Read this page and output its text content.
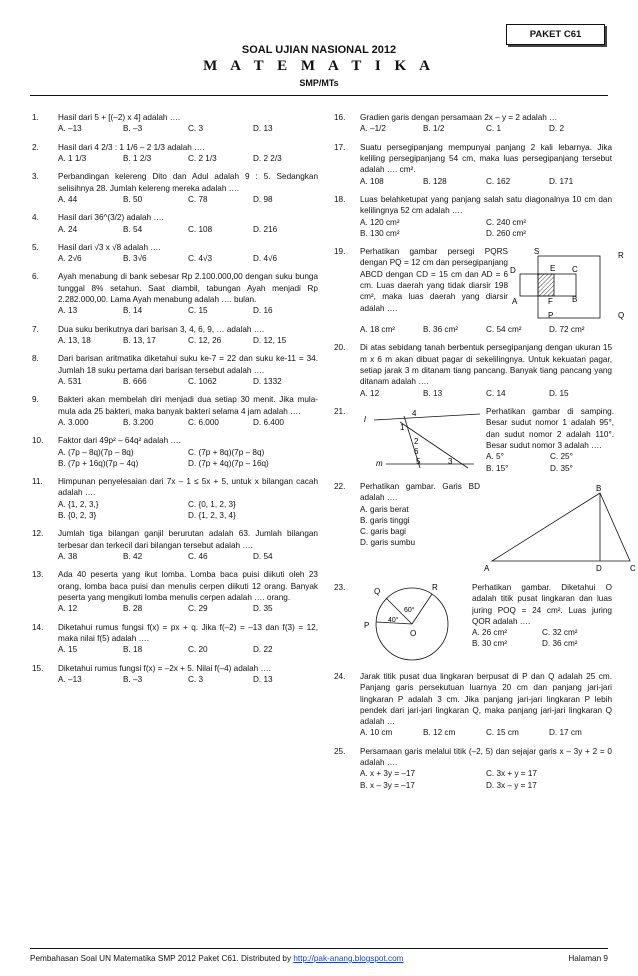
PAKET C61
SOAL UJIAN NASIONAL 2012
M A T E M A T I K A
SMP/MTs
1. Hasil dari 5 + [(–2) x 4] adalah ….
A. –13	B. –3	C. 3	D. 13
2. Hasil dari 4 2/3 : 1 1/6 – 2 1/3 adalah ….
A. 1 1/3	B. 1 2/3	C. 2 1/3	D. 2 2/3
3. Perbandingan kelereng Dito dan Adul adalah 9 : 5. Sedangkan selisihnya 28. Jumlah kelereng mereka adalah ….
A. 44	B. 50	C. 78	D. 98
4. Hasil dari 36^(3/2) adalah ….
A. 24	B. 54	C. 108	D. 216
5. Hasil dari √3 x √8 adalah ….
A. 2√6	B. 3√6	C. 4√3	D. 4√6
6. Ayah menabung di bank sebesar Rp 2.100.000,00 dengan suku bunga tunggal 8% setahun. Saat diambil, tabungan Ayah menjadi Rp 2.282.000,00. Lama Ayah menabung adalah …. bulan.
A. 13	B. 14	C. 15	D. 16
7. Dua suku berikutnya dari barisan 3, 4, 6, 9, … adalah ….
A. 13, 18	B. 13, 17	C. 12, 26	D. 12, 15
8. Dari barisan aritmatika diketahui suku ke-7 = 22 dan suku ke-11 = 34. Jumlah 18 suku pertama dari barisan tersebut adalah ….
A. 531	B. 666	C. 1062	D. 1332
9. Bakteri akan membelah diri menjadi dua setiap 30 menit. Jika mula-mula ada 25 bakteri, maka banyak bakteri selama 4 jam adalah ….
A. 3.000	B. 3.200	C. 6.000	D. 6.400
10. Faktor dari 49p² – 64q² adalah ….
A. (7p – 8q)(7p – 8q)	C. (7p + 8q)(7p – 8q)
B. (7p + 16q)(7p – 4q)	D. (7p + 4q)(7p – 16q)
11. Himpunan penyelesaian dari 7x – 1 ≤ 5x + 5, untuk x bilangan cacah adalah ….
A. {1, 2, 3,}	C. {0, 1, 2, 3}
B. {0, 2, 3}	D. {1, 2, 3, 4}
12. Jumlah tiga bilangan ganjil berurutan adalah 63. Jumlah bilangan terbesar dan terkecil dari bilangan tersebut adalah ….
A. 38	B. 42	C. 46	D. 54
13. Ada 40 peserta yang ikut lomba. Lomba baca puisi diikuti oleh 23 orang, lomba baca puisi dan menulis cerpen diikuti 12 orang. Banyak peserta yang mengikuti lomba menulis cerpen adalah …. orang.
A. 12	B. 28	C. 29	D. 35
14. Diketahui rumus fungsi f(x) = px + q. Jika f(–2) = –13 dan f(3) = 12, maka nilai f(5) adalah ….
A. 15	B. 18	C. 20	D. 22
15. Diketahui rumus fungsi f(x) = –2x + 5. Nilai f(–4) adalah ….
A. –13	B. –3	C. 3	D. 13
16. Gradien garis dengan persamaan 2x – y = 2 adalah …
A. –1/2	B. 1/2	C. 1	D. 2
17. Suatu persegipanjang mempunyai panjang 2 kali lebarnya. Jika keliling persegipanjang 54 cm, maka luas persegipanjang tersebut adalah …. cm².
A. 108	B. 128	C. 162	D. 171
18. Luas belahketupat yang panjang salah satu diagonalnya 10 cm dan kelilingnya 52 cm adalah ….
A. 120 cm²	C. 240 cm²
B. 130 cm²	D. 260 cm²
19. Perhatikan gambar persegi PQRS dengan PQ = 12 cm dan persegipanjang ABCD dengan CD = 15 cm dan AD = 6 cm. Luas daerah yang tidak diarsir 198 cm², maka luas daerah yang diarsir adalah ….
S	R
D	E C
A	F B
P	Q
A. 18 cm²	B. 36 cm²	C. 54 cm²	D. 72 cm²
20. Di atas sebidang tanah berbentuk persegipanjang dengan ukuran 15 m x 6 m akan dibuat pagar di sekelilingnya. Untuk kekuatan pagar, setiap jarak 3 m ditanam tiang pancang. Banyak tiang pancang yang ditanam adalah ….
A. 12	B. 13	C. 14	D. 15
21.
l
m
1
4
2
6
5	3
Perhatikan gambar di samping. Besar sudut nomor 1 adalah 95°, dan sudut nomor 2 adalah 110°. Besar sudut nomor 3 adalah ….
A. 5°	C. 25°
B. 15°	D. 35°
22. Perhatikan gambar. Garis BD adalah ….
A. garis berat
B. garis tinggi
C. garis bagi
D. garis sumbu
A
B
C
D
23.	Q	R
P
O
60°
40°
Perhatikan gambar. Diketahui O adalah titik pusat lingkaran dan luas juring POQ = 24 cm². Luas juring QOR adalah ….
A. 26 cm²	C. 32 cm²
B. 30 cm²	D. 36 cm²
24. Jarak titik pusat dua lingkaran berpusat di P dan Q adalah 25 cm. Panjang garis persekutuan luarnya 20 cm dan panjang jari-jari lingkaran P adalah 3 cm. Jika panjang jari-jari lingkaran P lebih pendek dari jari-jari lingkaran Q, maka panjang jari-jari lingkaran Q adalah …
A. 10 cm	B. 12 cm	C. 15 cm	D. 17 cm
25. Persamaan garis melalui titik (–2, 5) dan sejajar garis x – 3y + 2 = 0 adalah ….
A. x + 3y = –17	C. 3x + y = 17
B. x – 3y = –17	D. 3x – y = 17
Pembahasan Soal UN Matematika SMP 2012 Paket C61. Distributed by http://pak-anang.blogspot.com	Halaman 9
